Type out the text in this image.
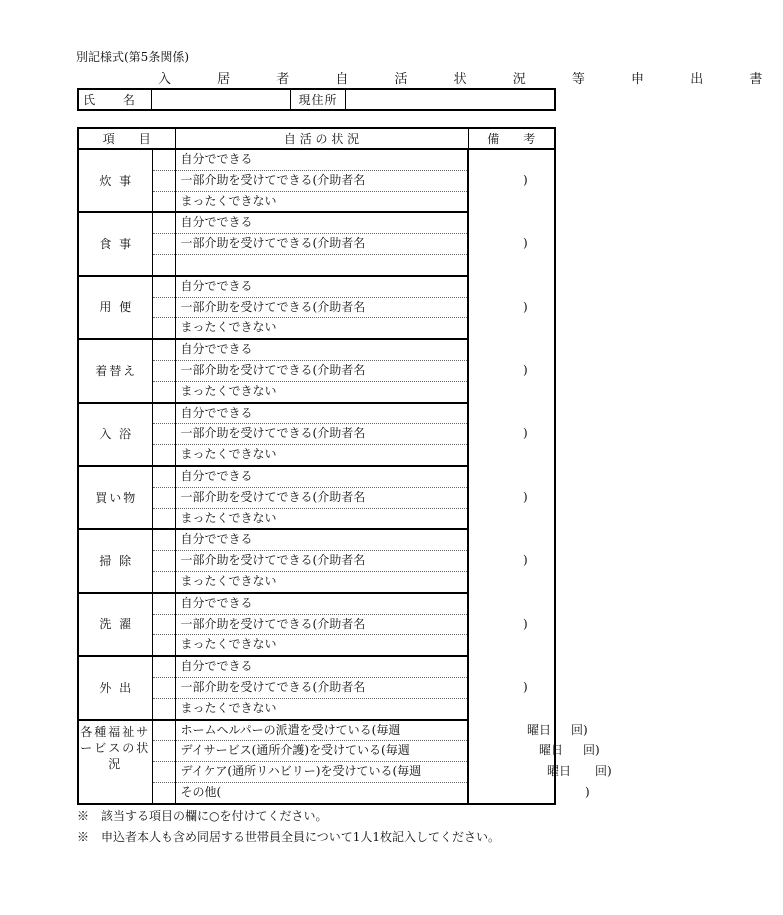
別記様式(第5条関係)
入 居 者 自 活 状 況 等 申 出 書
氏 名		現住所	
項　　目		自 活 の 状 況	備　　考
炊 事		自分でできる	
		一部介助を受けてできる(介助者名 )	

		まったくできない	
食 事		自分でできる	
		一部介助を受けてできる(介助者名 )	

用 便		自分でできる	
		一部介助を受けてできる(介助者名 )	

		まったくできない	
着替え		自分でできる	
		一部介助を受けてできる(介助者名 )	

		まったくできない	
入 浴		自分でできる	
		一部介助を受けてできる(介助者名 )	

		まったくできない	
買い物		自分でできる	
		一部介助を受けてできる(介助者名 )	

		まったくできない	
掃 除		自分でできる	
		一部介助を受けてできる(介助者名 )	

		まったくできない	
洗 濯		自分でできる	
		一部介助を受けてできる(介助者名 )	

		まったくできない	
外 出		自分でできる	
		一部介助を受けてできる(介助者名 )	

		まったくできない	
各種福祉サービスの状況		ホームヘルパーの派遣を受けている(毎週 曜日 回)	

		デイサービス(通所介護)を受けている(毎週 曜日 回)	

		デイケア(通所リハビリー)を受けている(毎週 曜日 回)	

		その他( )	
※　該当する項目の欄に○を付けてください。
※　申込者本人も含め同居する世帯員全員について1人1枚記入してください。
